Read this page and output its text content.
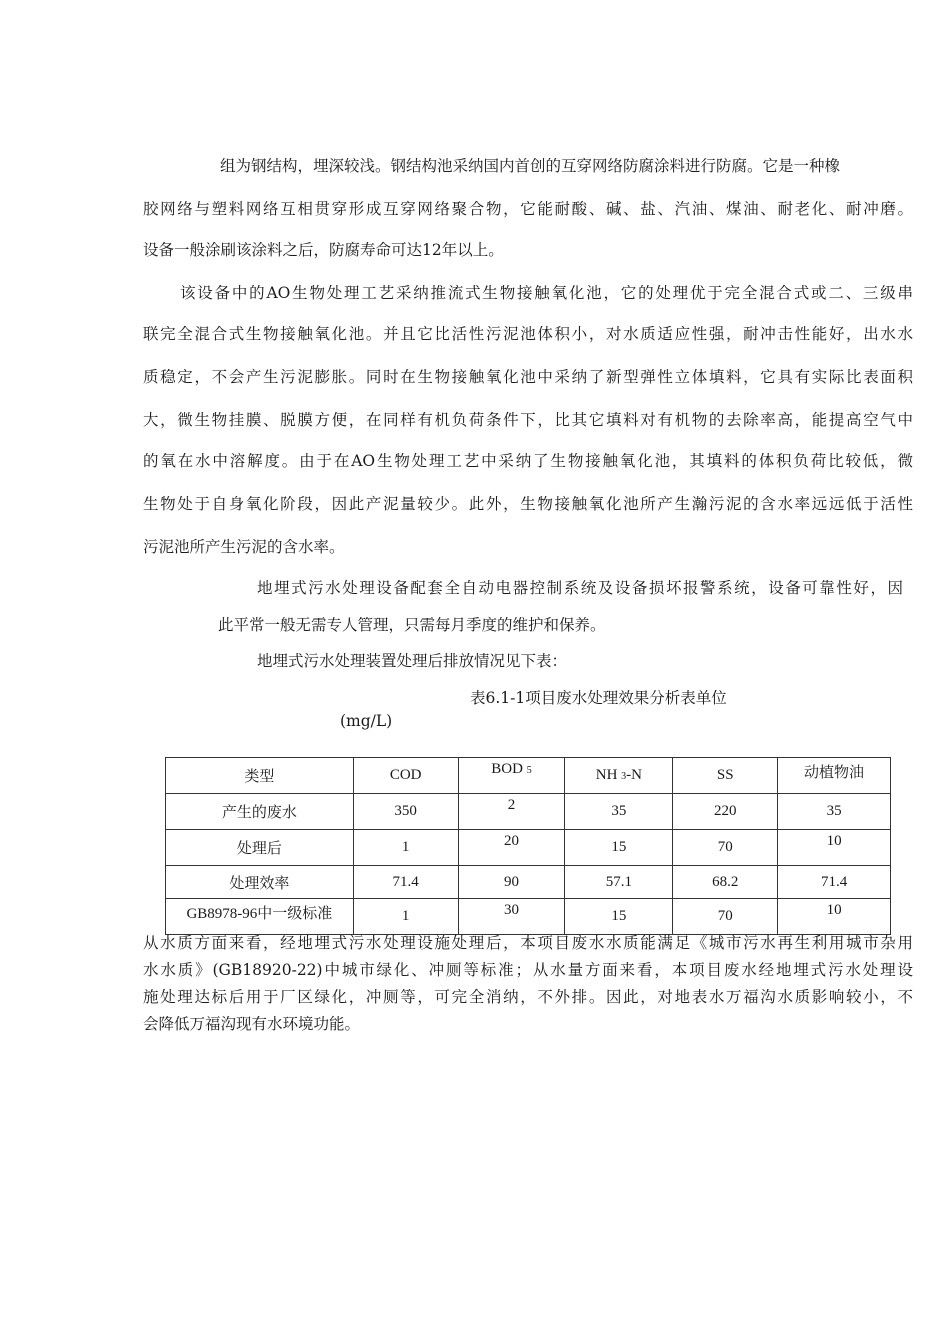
组为钢结构，埋深较浅。钢结构池采纳国内首创的互穿网络防腐涂料进行防腐。它是一种橡
胶网络与塑料网络互相贯穿形成互穿网络聚合物，它能耐酸、碱、盐、汽油、煤油、耐老化、耐冲磨。
设备一般涂刷该涂料之后，防腐寿命可达12年以上。
该设备中的AO生物处理工艺采纳推流式生物接触氧化池，它的处理优于完全混合式或二、三级串
联完全混合式生物接触氧化池。并且它比活性污泥池体积小，对水质适应性强，耐冲击性能好，出水水
质稳定，不会产生污泥膨胀。同时在生物接触氧化池中采纳了新型弹性立体填料，它具有实际比表面积
大，微生物挂膜、脱膜方便，在同样有机负荷条件下，比其它填料对有机物的去除率高，能提高空气中
的氧在水中溶解度。由于在AO生物处理工艺中采纳了生物接触氧化池，其填料的体积负荷比较低，微
生物处于自身氧化阶段，因此产泥量较少。此外，生物接触氧化池所产生瀚污泥的含水率远远低于活性
污泥池所产生污泥的含水率。
地埋式污水处理设备配套全自动电器控制系统及设备损坏报警系统，设备可靠性好，因
此平常一般无需专人管理，只需每月季度的维护和保养。
地埋式污水处理装置处理后排放情况见下表：
表6.1-1项目废水处理效果分析表单位
(mg/L)
类型	COD	BOD 5	NH 3-N	SS	动植物油
产生的废水	350	2	35	220	35
处理后	1	20	15	70	10
处理效率	71.4	90	57.1	68.2	71.4
GB8978-96中一级标准	1	30	15	70	10
从水质方面来看，经地埋式污水处理设施处理后，本项目废水水质能满足《城市污水再生利用城市杂用
水水质》(GB18920-22)中城市绿化、冲厕等标准；从水量方面来看，本项目废水经地埋式污水处理设
施处理达标后用于厂区绿化，冲厕等，可完全消纳，不外排。因此，对地表水万福沟水质影响较小，不
会降低万福沟现有水环境功能。
